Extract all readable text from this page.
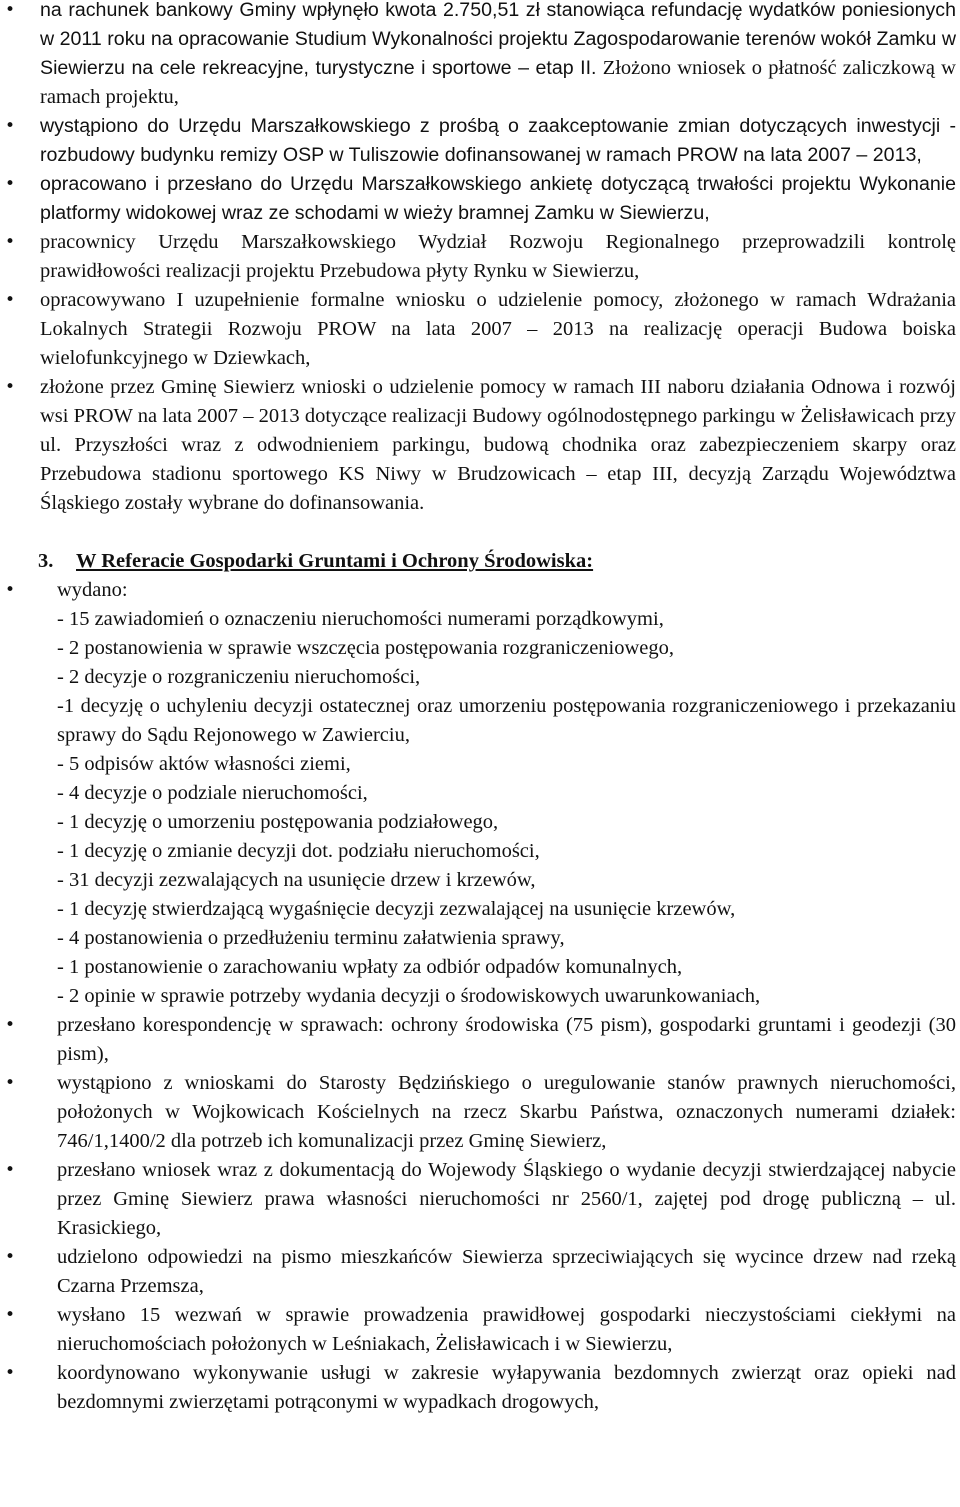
• na rachunek bankowy Gminy wpłynęło kwota 2.750,51 zł stanowiąca refundację wydatków poniesionych w 2011 roku na opracowanie Studium Wykonalności projektu Zagospodarowanie terenów wokół Zamku w Siewierzu na cele rekreacyjne, turystyczne i sportowe – etap II. Złożono wniosek o płatność zaliczkową w ramach projektu,
• wystąpiono do Urzędu Marszałkowskiego z prośbą o zaakceptowanie zmian dotyczących inwestycji - rozbudowy budynku remizy OSP w Tuliszowie dofinansowanej w ramach PROW na lata 2007 – 2013,
• opracowano i przesłano do Urzędu Marszałkowskiego ankietę dotyczącą trwałości projektu Wykonanie platformy widokowej wraz ze schodami w wieży bramnej Zamku w Siewierzu,
• pracownicy Urzędu Marszałkowskiego Wydział Rozwoju Regionalnego przeprowadzili kontrolę prawidłowości realizacji projektu Przebudowa płyty Rynku w Siewierzu,
• opracowywano I uzupełnienie formalne wniosku o udzielenie pomocy, złożonego w ramach Wdrażania Lokalnych Strategii Rozwoju PROW na lata 2007 – 2013 na realizację operacji Budowa boiska wielofunkcyjnego w Dziewkach,
• złożone przez Gminę Siewierz wnioski o udzielenie pomocy w ramach III naboru działania Odnowa i rozwój wsi PROW na lata 2007 – 2013 dotyczące realizacji Budowy ogólnodostępnego parkingu w Żelisławicach przy ul. Przyszłości wraz z odwodnieniem parkingu, budową chodnika oraz zabezpieczeniem skarpy oraz Przebudowa stadionu sportowego KS Niwy w Brudzowicach – etap III, decyzją Zarządu Województwa Śląskiego zostały wybrane do dofinansowania.
3. W Referacie Gospodarki Gruntami i Ochrony Środowiska:
• wydano:
- 15 zawiadomień o oznaczeniu nieruchomości numerami porządkowymi,
- 2 postanowienia w sprawie wszczęcia postępowania rozgraniczeniowego,
- 2 decyzje o rozgraniczeniu nieruchomości,
-1 decyzję o uchyleniu decyzji ostatecznej oraz umorzeniu postępowania rozgraniczeniowego i przekazaniu sprawy do Sądu Rejonowego w Zawierciu,
- 5 odpisów aktów własności ziemi,
- 4 decyzje o podziale nieruchomości,
- 1 decyzję o umorzeniu postępowania podziałowego,
- 1 decyzję o zmianie decyzji dot. podziału nieruchomości,
- 31 decyzji zezwalających na usunięcie drzew i krzewów,
- 1 decyzję stwierdzającą wygaśnięcie decyzji zezwalającej na usunięcie krzewów,
- 4 postanowienia o przedłużeniu terminu załatwienia sprawy,
- 1 postanowienie o zarachowaniu wpłaty za odbiór odpadów komunalnych,
- 2 opinie w sprawie potrzeby wydania decyzji o środowiskowych uwarunkowaniach,
• przesłano korespondencję w sprawach: ochrony środowiska (75 pism), gospodarki gruntami i geodezji (30 pism),
• wystąpiono z wnioskami do Starosty Będzińskiego o uregulowanie stanów prawnych nieruchomości, położonych w Wojkowicach Kościelnych na rzecz Skarbu Państwa, oznaczonych numerami działek: 746/1,1400/2 dla potrzeb ich komunalizacji przez Gminę Siewierz,
• przesłano wniosek wraz z dokumentacją do Wojewody Śląskiego o wydanie decyzji stwierdzającej nabycie przez Gminę Siewierz prawa własności nieruchomości nr 2560/1, zajętej pod drogę publiczną – ul. Krasickiego,
• udzielono odpowiedzi na pismo mieszkańców Siewierza sprzeciwiających się wycince drzew nad rzeką Czarna Przemsza,
• wysłano 15 wezwań w sprawie prowadzenia prawidłowej gospodarki nieczystościami ciekłymi na nieruchomościach położonych w Leśniakach, Żelisławicach i w Siewierzu,
• koordynowano wykonywanie usługi w zakresie wyłapywania bezdomnych zwierząt oraz opieki nad bezdomnymi zwierzętami potrąconymi w wypadkach drogowych,
